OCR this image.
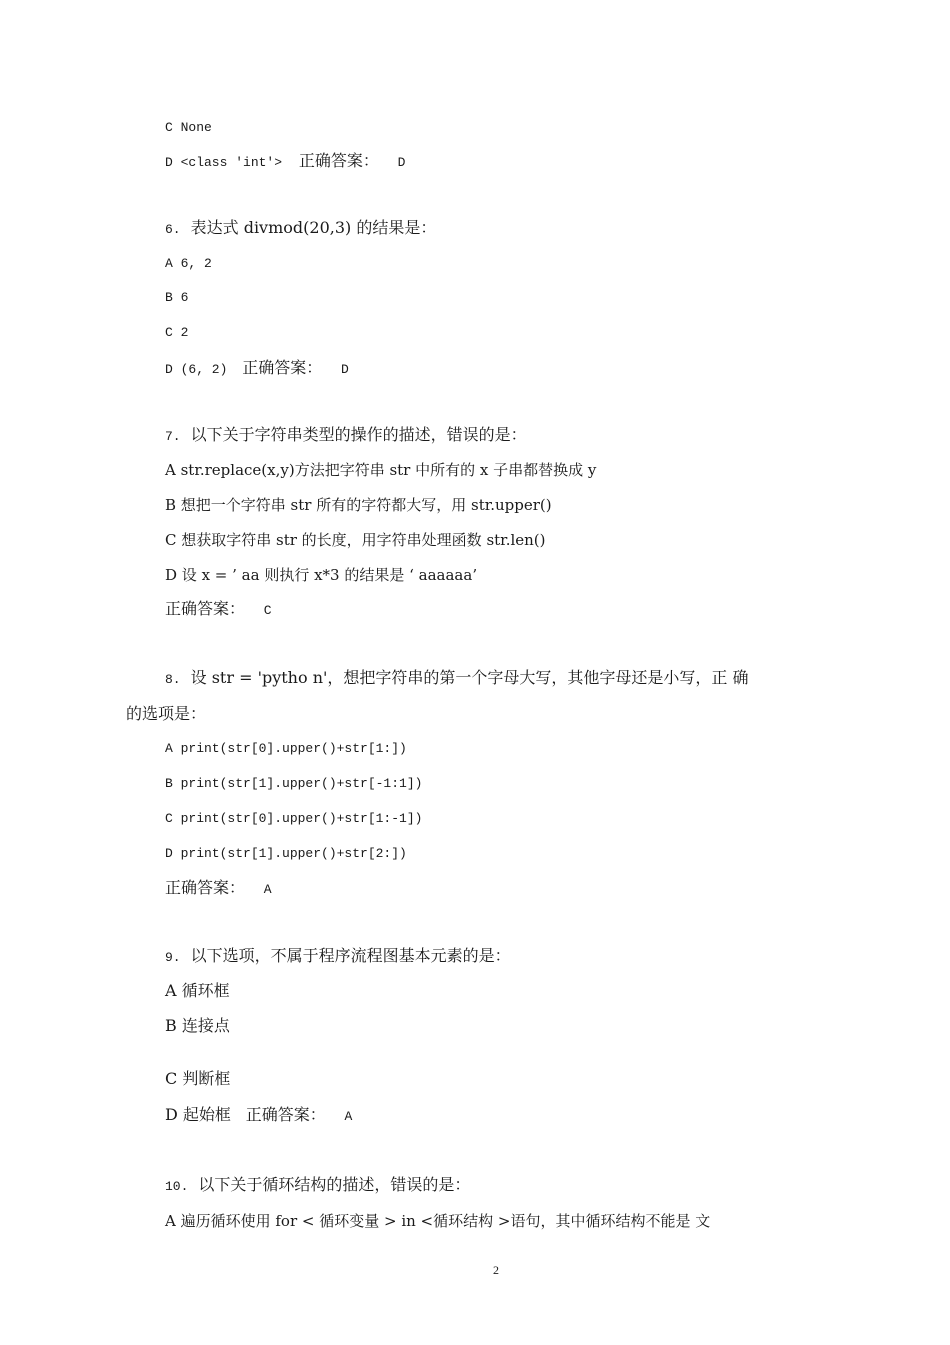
C None
D <class 'int'> 正确答案： D
6. 表达式 divmod(20,3) 的结果是：
A 6, 2
B 6
C 2
D (6, 2) 正确答案： D
7. 以下关于字符串类型的操作的描述，错误的是：
A str.replace(x,y)方法把字符串 str 中所有的 x 子串都替换成 y
B 想把一个字符串 str 所有的字符都大写，用 str.upper()
C 想获取字符串 str 的长度，用字符串处理函数 str.len()
D 设 x = ’ aa 则执行 x*3 的结果是 ‘ aaaaaa’
正确答案： C
8. 设 str = 'pytho n'，想把字符串的第一个字母大写，其他字母还是小写，正 确
的选项是：
A print(str[0].upper()+str[1:])
B print(str[1].upper()+str[-1:1])
C print(str[0].upper()+str[1:-1])
D print(str[1].upper()+str[2:])
正确答案： A
9. 以下选项，不属于程序流程图基本元素的是：
A 循环框
B 连接点
C 判断框
D 起始框 正确答案： A
10. 以下关于循环结构的描述，错误的是：
A 遍历循环使用 for < 循环变量 > in <循环结构 >语句，其中循环结构不能是 文
2
